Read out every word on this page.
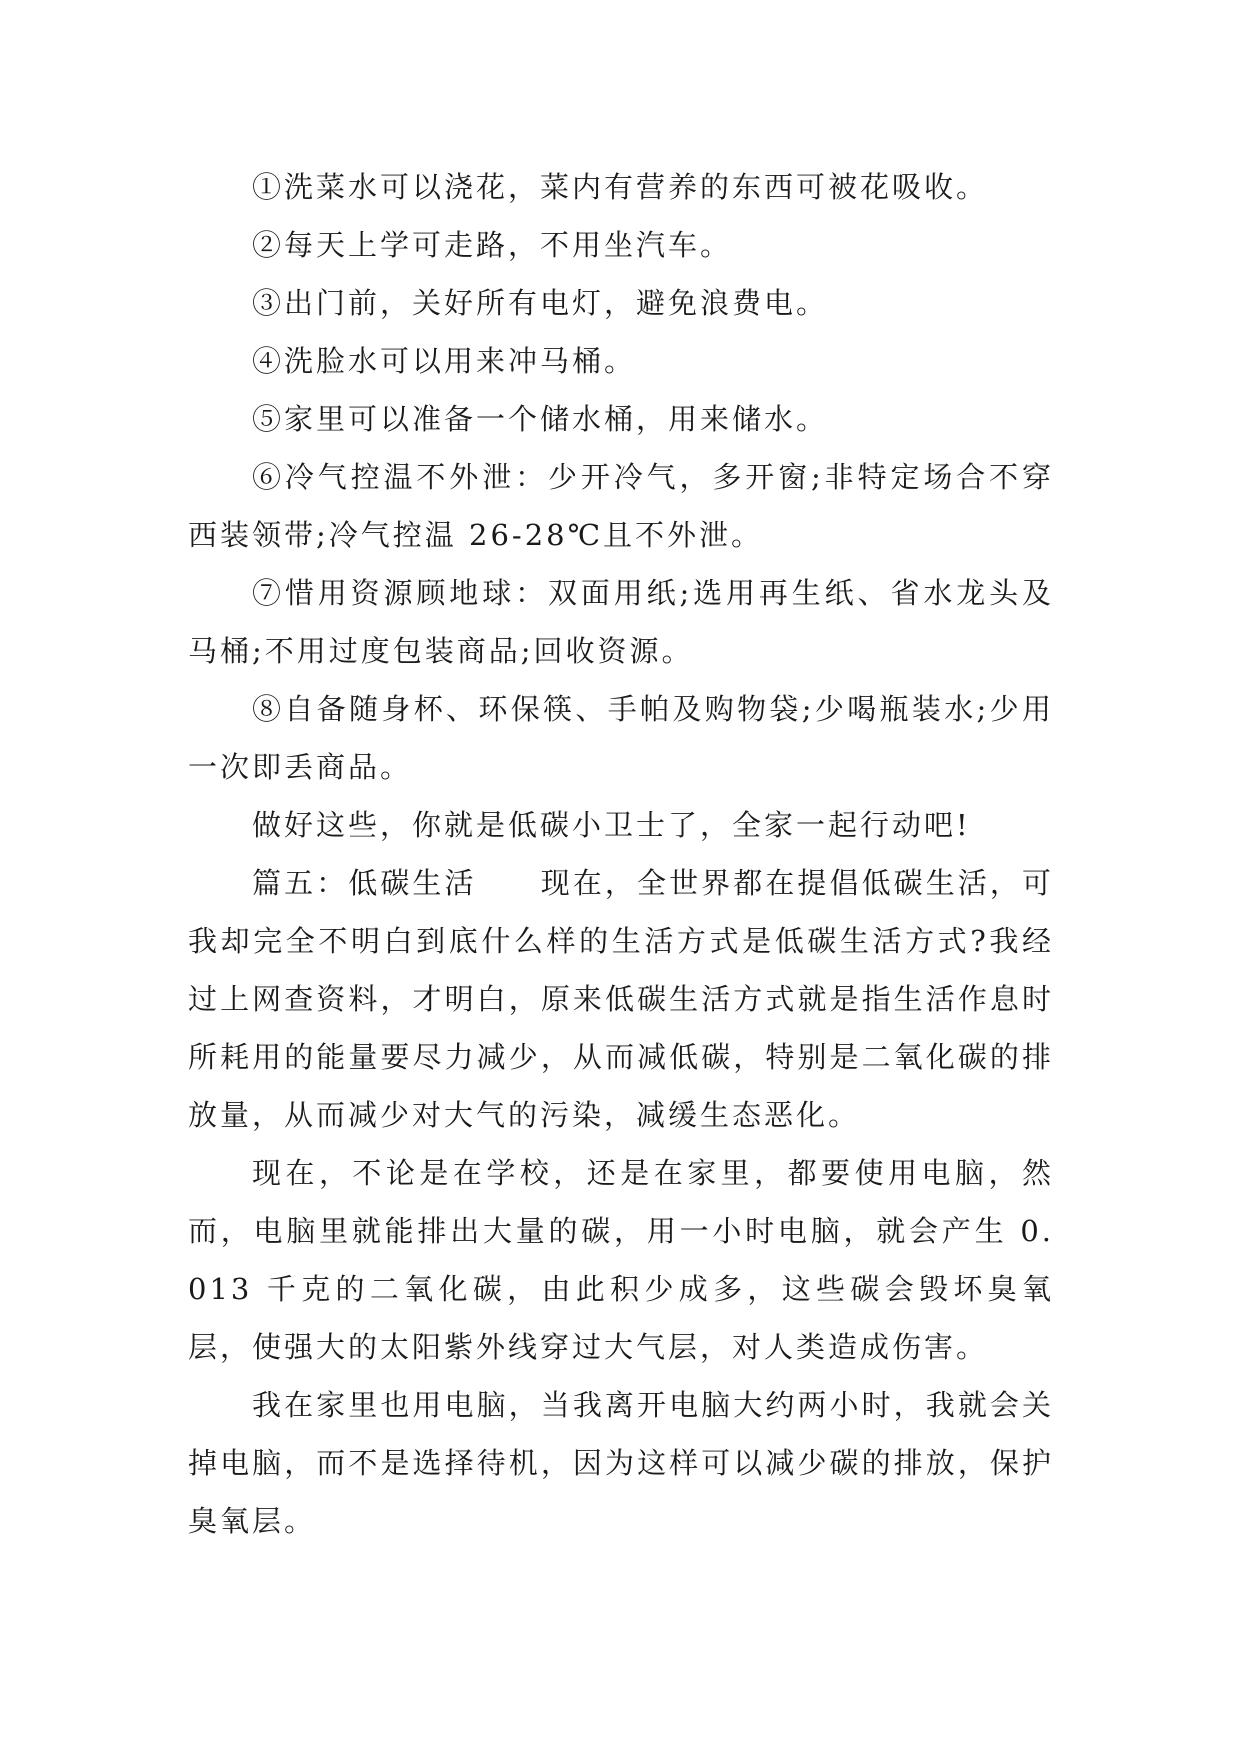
①洗菜水可以浇花，菜内有营养的东西可被花吸收。

②每天上学可走路，不用坐汽车。

③出门前，关好所有电灯，避免浪费电。

④洗脸水可以用来冲马桶。

⑤家里可以准备一个储水桶，用来储水。

⑥冷气控温不外泄：少开冷气，多开窗;非特定场合不穿西装领带;冷气控温 26-28℃且不外泄。

⑦惜用资源顾地球：双面用纸;选用再生纸、省水龙头及马桶;不用过度包装商品;回收资源。

⑧自备随身杯、环保筷、手帕及购物袋;少喝瓶装水;少用一次即丢商品。

做好这些，你就是低碳小卫士了，全家一起行动吧!

篇五：低碳生活　　现在，全世界都在提倡低碳生活，可我却完全不明白到底什么样的生活方式是低碳生活方式?我经过上网查资料，才明白，原来低碳生活方式就是指生活作息时所耗用的能量要尽力减少，从而减低碳，特别是二氧化碳的排放量，从而减少对大气的污染，减缓生态恶化。

现在，不论是在学校，还是在家里，都要使用电脑，然而，电脑里就能排出大量的碳，用一小时电脑，就会产生 0.013 千克的二氧化碳，由此积少成多，这些碳会毁坏臭氧层，使强大的太阳紫外线穿过大气层，对人类造成伤害。

我在家里也用电脑，当我离开电脑大约两小时，我就会关掉电脑，而不是选择待机，因为这样可以减少碳的排放，保护臭氧层。
